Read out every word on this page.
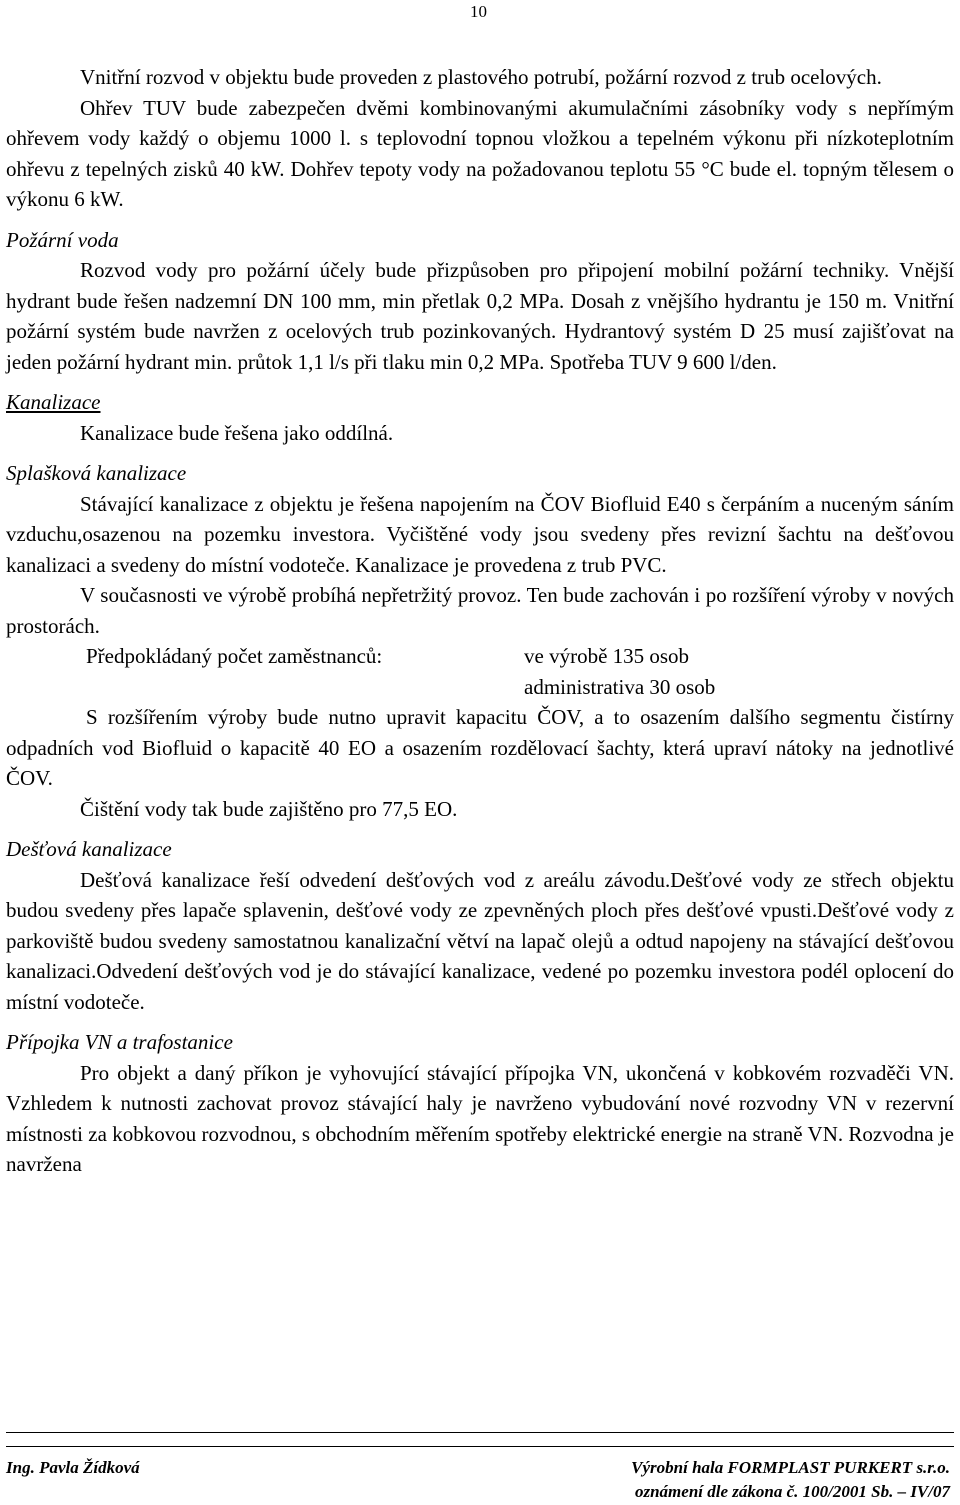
10

Vnitřní rozvod v objektu bude proveden z plastového potrubí, požární rozvod z trub ocelových.

Ohřev TUV bude zabezpečen dvěmi kombinovanými akumulačními zásobníky vody s nepřímým ohřevem vody každý o objemu 1000 l. s teplovodní topnou vložkou a tepelném výkonu při nízkoteplotním ohřevu z tepelných zisků 40 kW. Dohřev tepoty vody na požadovanou teplotu 55 °C bude el. topným tělesem o výkonu 6 kW.

Požární voda

Rozvod vody pro požární účely bude přizpůsoben pro připojení mobilní požární techniky. Vnější hydrant bude řešen nadzemní DN 100 mm, min přetlak 0,2 MPa. Dosah z vnějšího hydrantu je 150 m. Vnitřní požární systém bude navržen z ocelových trub pozinkovaných. Hydrantový systém D 25 musí zajišťovat na jeden požární hydrant min. průtok 1,1 l/s při tlaku min 0,2 MPa. Spotřeba TUV 9 600 l/den.

Kanalizace

Kanalizace bude řešena jako oddílná.

Splašková kanalizace

Stávající kanalizace z objektu je řešena napojením na ČOV Biofluid E40 s čerpáním a nuceným sáním vzduchu,osazenou na pozemku investora. Vyčištěné vody jsou svedeny přes revizní šachtu na dešťovou kanalizaci a svedeny do místní vodoteče. Kanalizace je provedena z trub PVC.

V současnosti ve výrobě probíhá nepřetržitý provoz. Ten bude zachován i po rozšíření výroby v nových prostorách.

Předpokládaný počet zaměstnanců:	ve výrobě 135 osob
administrativa 30 osob

S rozšířením výroby bude nutno upravit kapacitu ČOV, a to osazením dalšího segmentu čistírny odpadních vod Biofluid o kapacitě 40 EO a osazením rozdělovací šachty, která upraví nátoky na jednotlivé ČOV.

Čištění vody tak bude zajištěno pro 77,5 EO.

Dešťová kanalizace

Dešťová kanalizace řeší odvedení dešťových vod z areálu závodu.Dešťové vody ze střech objektu budou svedeny přes lapače splavenin, dešťové vody ze zpevněných ploch přes dešťové vpusti.Dešťové vody z parkoviště budou svedeny samostatnou kanalizační větví na lapač olejů a odtud napojeny na stávající dešťovou kanalizaci.Odvedení dešťových vod je do stávající kanalizace, vedené po pozemku investora podél oplocení do místní vodoteče.

Přípojka VN a trafostanice

Pro objekt a daný příkon je vyhovující stávající přípojka VN, ukončená v kobkovém rozvaděči VN. Vzhledem k nutnosti zachovat provoz stávající haly je navrženo vybudování nové rozvodny VN v rezervní místnosti za kobkovou rozvodnou, s obchodním měřením spotřeby elektrické energie na straně VN. Rozvodna je navržena

Ing. Pavla Žídková	Výrobní hala FORMPLAST PURKERT s.r.o.
oznámení dle zákona č. 100/2001 Sb. – IV/07
